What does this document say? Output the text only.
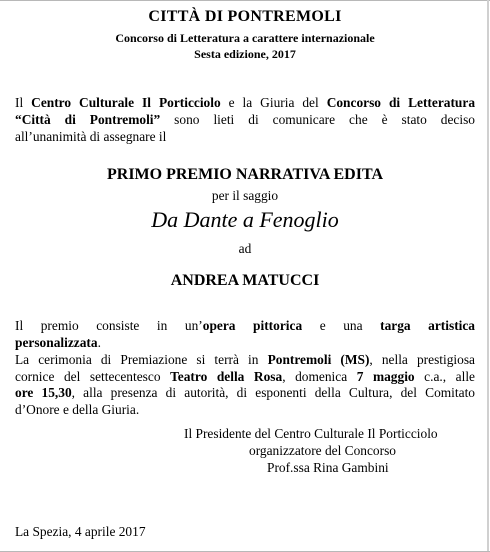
CITTÀ DI PONTREMOLI
Concorso di Letteratura a carattere internazionale
Sesta edizione, 2017
Il Centro Culturale Il Porticciolo e la Giuria del Concorso di Letteratura
“Città di Pontremoli” sono lieti di comunicare che è stato deciso
all’unanimità di assegnare il
PRIMO PREMIO NARRATIVA EDITA
per il saggio
Da Dante a Fenoglio
ad
ANDREA MATUCCI
Il premio consiste in un’opera pittorica e una targa artistica
personalizzata.
La cerimonia di Premiazione si terrà in Pontremoli (MS), nella prestigiosa
cornice del settecentesco Teatro della Rosa, domenica 7 maggio c.a., alle
ore 15,30, alla presenza di autorità, di esponenti della Cultura, del Comitato
d’Onore e della Giuria.
Il Presidente del Centro Culturale Il Porticciolo
organizzatore del Concorso
Prof.ssa Rina Gambini
La Spezia, 4 aprile 2017
